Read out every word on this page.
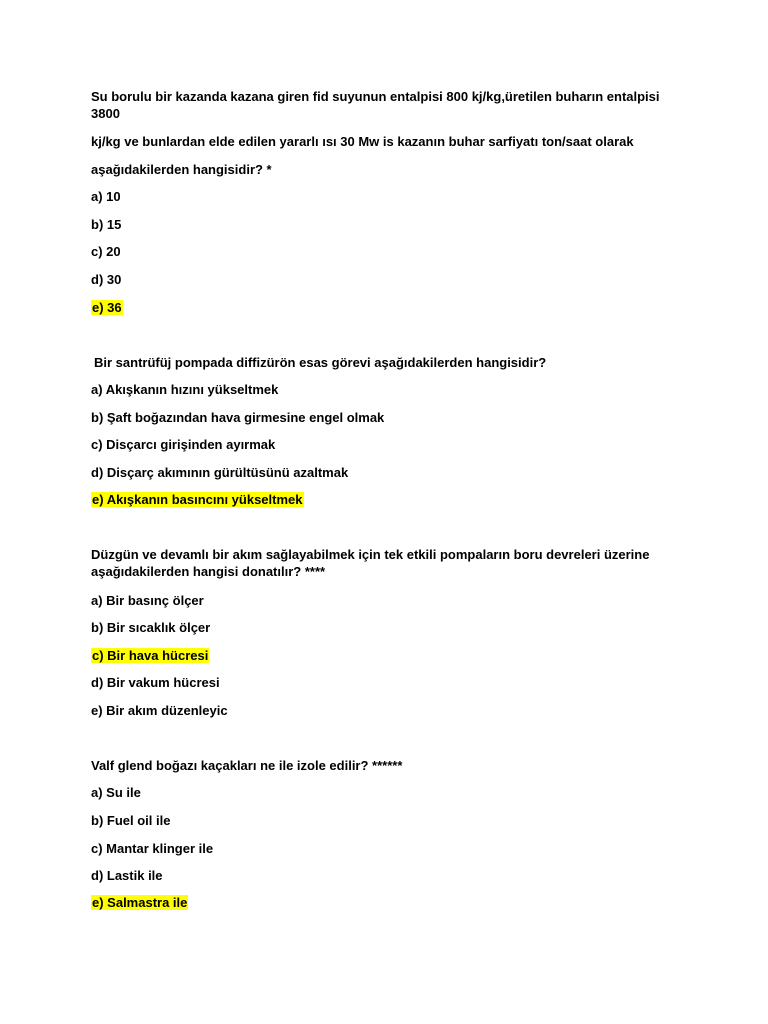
Su borulu bir kazanda kazana giren fid suyunun entalpisi 800 kj/kg,üretilen buharın entalpisi 3800

kj/kg ve bunlardan elde edilen yararlı ısı 30 Mw is kazanın buhar sarfiyatı ton/saat olarak

aşağıdakilerden hangisidir? *

a) 10

b) 15

c) 20

d) 30

e) 36

Bir santrüfüj pompada diffizürön esas görevi aşağıdakilerden hangisidir?

a) Akışkanın hızını yükseltmek

b) Şaft boğazından hava girmesine engel olmak

c) Disçarcı girişinden ayırmak

d) Disçarç akımının gürültüsünü azaltmak

e) Akışkanın basıncını yükseltmek

Düzgün ve devamlı bir akım sağlayabilmek için tek etkili pompaların boru devreleri üzerine aşağıdakilerden hangisi donatılır? ****

a) Bir basınç ölçer

b) Bir sıcaklık ölçer

c) Bir hava hücresi

d) Bir vakum hücresi

e) Bir akım düzenleyic

Valf glend boğazı kaçakları ne ile izole edilir? ******

a) Su ile

b) Fuel oil ile

c) Mantar klinger ile

d) Lastik ile

e) Salmastra ile
